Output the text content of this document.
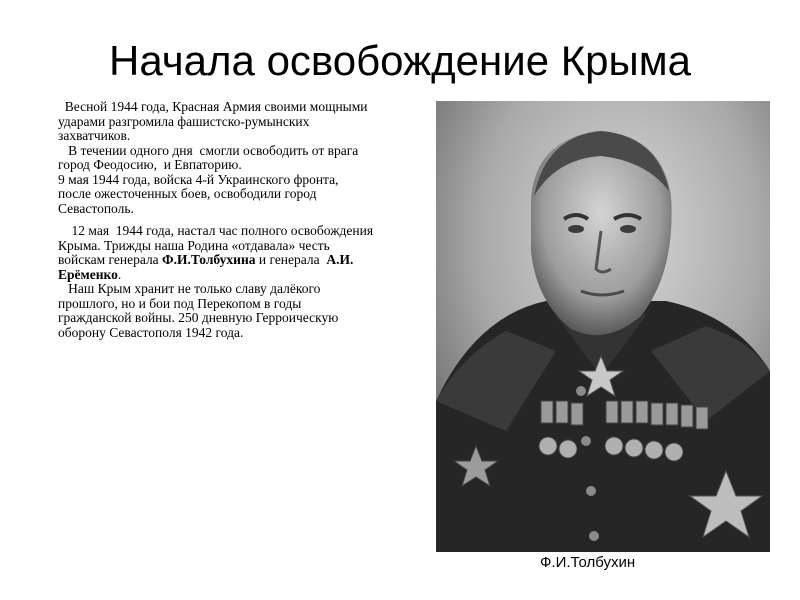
Начала освобождение Крыма

Весной 1944 года, Красная Армия своими мощными
ударами разгромила фашистско-румынских
захватчиков.
В течении одного дня  смогли освободить от врага
город Феодосию,  и Евпаторию.
9 мая 1944 года, войска 4-й Украинского фронта,
после ожесточенных боев, освободили город
Севастополь.

12 мая  1944 года, настал час полного освобождения
Крыма. Трижды наша Родина «отдавала» честь
войскам генерала Ф.И.Толбухина и генерала  А.И.
Ерёменко.
Наш Крым хранит не только славу далёкого
прошлого, но и бои под Перекопом в годы
гражданской войны. 250 дневную Герроическую
оборону Севастополя 1942 года.

Ф.И.Толбухин
